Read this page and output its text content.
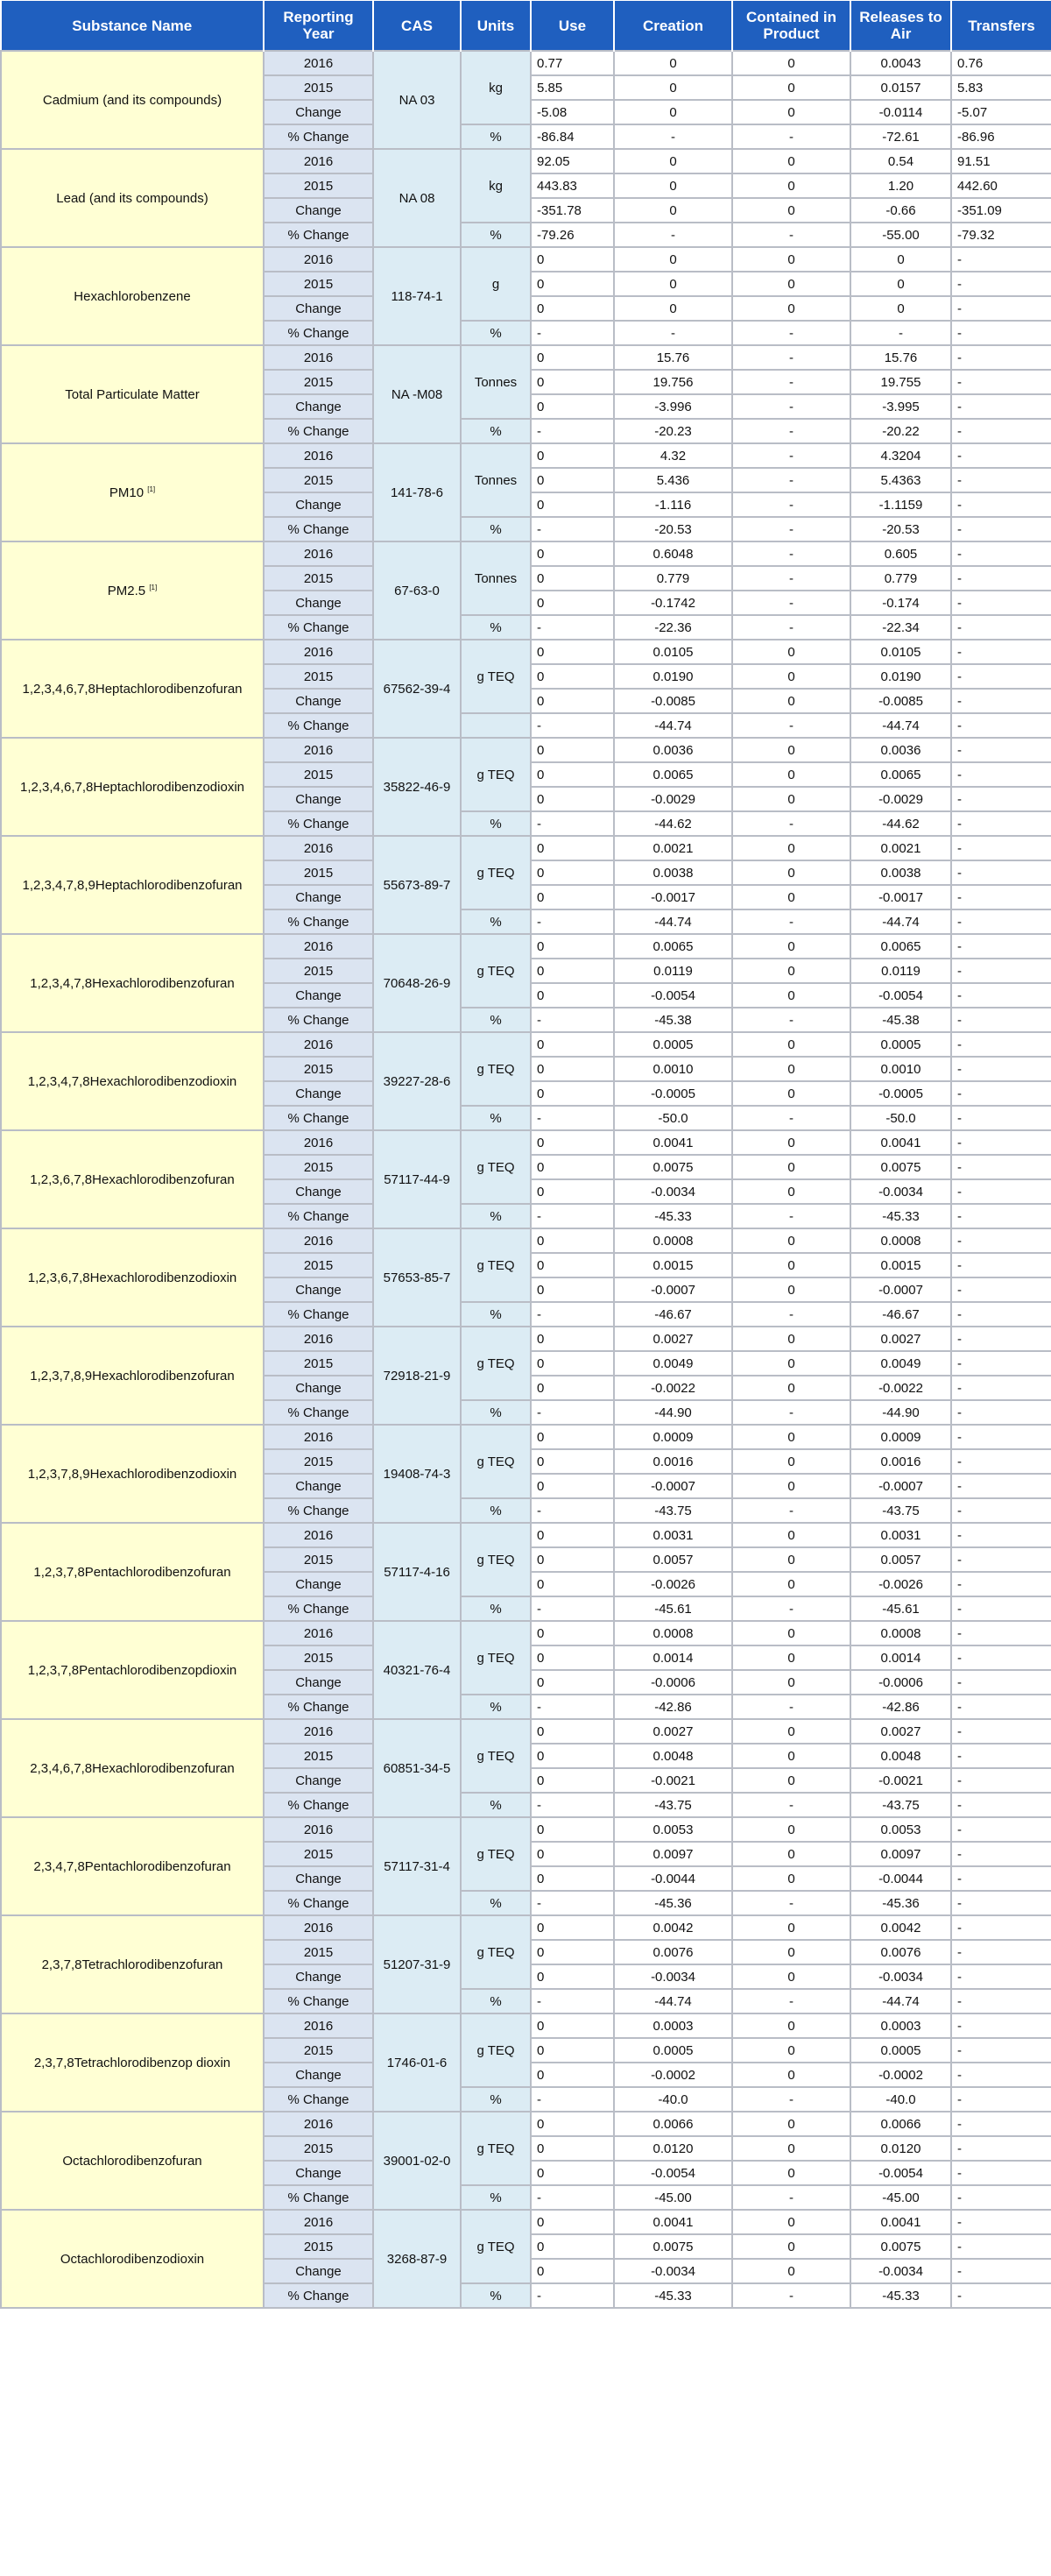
Substance Name	Reporting Year	CAS	Units	Use	Creation	Contained in Product	Releases to Air	Transfers
Cadmium (and its compounds)	2016	NA 03	kg	0.77	0	0	0.0043	0.76
	2015			5.85	0	0	0.0157	5.83
	Change			-5.08	0	0	-0.0114	-5.07
	% Change		%	-86.84	-	-	-72.61	-86.96
Lead (and its compounds)	2016	NA 08	kg	92.05	0	0	0.54	91.51
	2015			443.83	0	0	1.20	442.60
	Change			-351.78	0	0	-0.66	-351.09
	% Change		%	-79.26	-	-	-55.00	-79.32
Hexachlorobenzene	2016	118-74-1	g	0	0	0	0	-
	2015			0	0	0	0	-
	Change			0	0	0	0	-
	% Change		%	-	-	-	-	-
Total Particulate Matter	2016	NA -M08	Tonnes	0	15.76	-	15.76	-
	2015			0	19.756	-	19.755	-
	Change			0	-3.996	-	-3.995	-
	% Change		%	-	-20.23	-	-20.22	-
PM10 [1]	2016	141-78-6	Tonnes	0	4.32	-	4.3204	-
	2015			0	5.436	-	5.4363	-
	Change			0	-1.116	-	-1.1159	-
	% Change		%	-	-20.53	-	-20.53	-
PM2.5 [1]	2016	67-63-0	Tonnes	0	0.6048	-	0.605	-
	2015			0	0.779	-	0.779	-
	Change			0	-0.1742	-	-0.174	-
	% Change		%	-	-22.36	-	-22.34	-
1,2,3,4,6,7,8Heptachlorodibenzofuran	2016	67562-39-4	g TEQ	0	0.0105	0	0.0105	-
	2015			0	0.0190	0	0.0190	-
	Change			0	-0.0085	0	-0.0085	-
	% Change			-	-44.74	-	-44.74	-
1,2,3,4,6,7,8Heptachlorodibenzodioxin	2016	35822-46-9	g TEQ	0	0.0036	0	0.0036	-
	2015			0	0.0065	0	0.0065	-
	Change			0	-0.0029	0	-0.0029	-
	% Change		%	-	-44.62	-	-44.62	-
1,2,3,4,7,8,9Heptachlorodibenzofuran	2016	55673-89-7	g TEQ	0	0.0021	0	0.0021	-
	2015			0	0.0038	0	0.0038	-
	Change			0	-0.0017	0	-0.0017	-
	% Change		%	-	-44.74	-	-44.74	-
1,2,3,4,7,8Hexachlorodibenzofuran	2016	70648-26-9	g TEQ	0	0.0065	0	0.0065	-
	2015			0	0.0119	0	0.0119	-
	Change			0	-0.0054	0	-0.0054	-
	% Change		%	-	-45.38	-	-45.38	-
1,2,3,4,7,8Hexachlorodibenzodioxin	2016	39227-28-6	g TEQ	0	0.0005	0	0.0005	-
	2015			0	0.0010	0	0.0010	-
	Change			0	-0.0005	0	-0.0005	-
	% Change		%	-	-50.0	-	-50.0	-
1,2,3,6,7,8Hexachlorodibenzofuran	2016	57117-44-9	g TEQ	0	0.0041	0	0.0041	-
	2015			0	0.0075	0	0.0075	-
	Change			0	-0.0034	0	-0.0034	-
	% Change		%	-	-45.33	-	-45.33	-
1,2,3,6,7,8Hexachlorodibenzodioxin	2016	57653-85-7	g TEQ	0	0.0008	0	0.0008	-
	2015			0	0.0015	0	0.0015	-
	Change			0	-0.0007	0	-0.0007	-
	% Change		%	-	-46.67	-	-46.67	-
1,2,3,7,8,9Hexachlorodibenzofuran	2016	72918-21-9	g TEQ	0	0.0027	0	0.0027	-
	2015			0	0.0049	0	0.0049	-
	Change			0	-0.0022	0	-0.0022	-
	% Change		%	-	-44.90	-	-44.90	-
1,2,3,7,8,9Hexachlorodibenzodioxin	2016	19408-74-3	g TEQ	0	0.0009	0	0.0009	-
	2015			0	0.0016	0	0.0016	-
	Change			0	-0.0007	0	-0.0007	-
	% Change		%	-	-43.75	-	-43.75	-
1,2,3,7,8Pentachlorodibenzofuran	2016	57117-4-16	g TEQ	0	0.0031	0	0.0031	-
	2015			0	0.0057	0	0.0057	-
	Change			0	-0.0026	0	-0.0026	-
	% Change		%	-	-45.61	-	-45.61	-
1,2,3,7,8Pentachlorodibenzopdioxin	2016	40321-76-4	g TEQ	0	0.0008	0	0.0008	-
	2015			0	0.0014	0	0.0014	-
	Change			0	-0.0006	0	-0.0006	-
	% Change		%	-	-42.86	-	-42.86	-
2,3,4,6,7,8Hexachlorodibenzofuran	2016	60851-34-5	g TEQ	0	0.0027	0	0.0027	-
	2015			0	0.0048	0	0.0048	-
	Change			0	-0.0021	0	-0.0021	-
	% Change		%	-	-43.75	-	-43.75	-
2,3,4,7,8Pentachlorodibenzofuran	2016	57117-31-4	g TEQ	0	0.0053	0	0.0053	-
	2015			0	0.0097	0	0.0097	-
	Change			0	-0.0044	0	-0.0044	-
	% Change		%	-	-45.36	-	-45.36	-
2,3,7,8Tetrachlorodibenzofuran	2016	51207-31-9	g TEQ	0	0.0042	0	0.0042	-
	2015			0	0.0076	0	0.0076	-
	Change			0	-0.0034	0	-0.0034	-
	% Change		%	-	-44.74	-	-44.74	-
2,3,7,8Tetrachlorodibenzop dioxin	2016	1746-01-6	g TEQ	0	0.0003	0	0.0003	-
	2015			0	0.0005	0	0.0005	-
	Change			0	-0.0002	0	-0.0002	-
	% Change		%	-	-40.0	-	-40.0	-
Octachlorodibenzofuran	2016	39001-02-0	g TEQ	0	0.0066	0	0.0066	-
	2015			0	0.0120	0	0.0120	-
	Change			0	-0.0054	0	-0.0054	-
	% Change		%	-	-45.00	-	-45.00	-
Octachlorodibenzodioxin	2016	3268-87-9	g TEQ	0	0.0041	0	0.0041	-
	2015			0	0.0075	0	0.0075	-
	Change			0	-0.0034	0	-0.0034	-
	% Change		%	-	-45.33	-	-45.33	-
